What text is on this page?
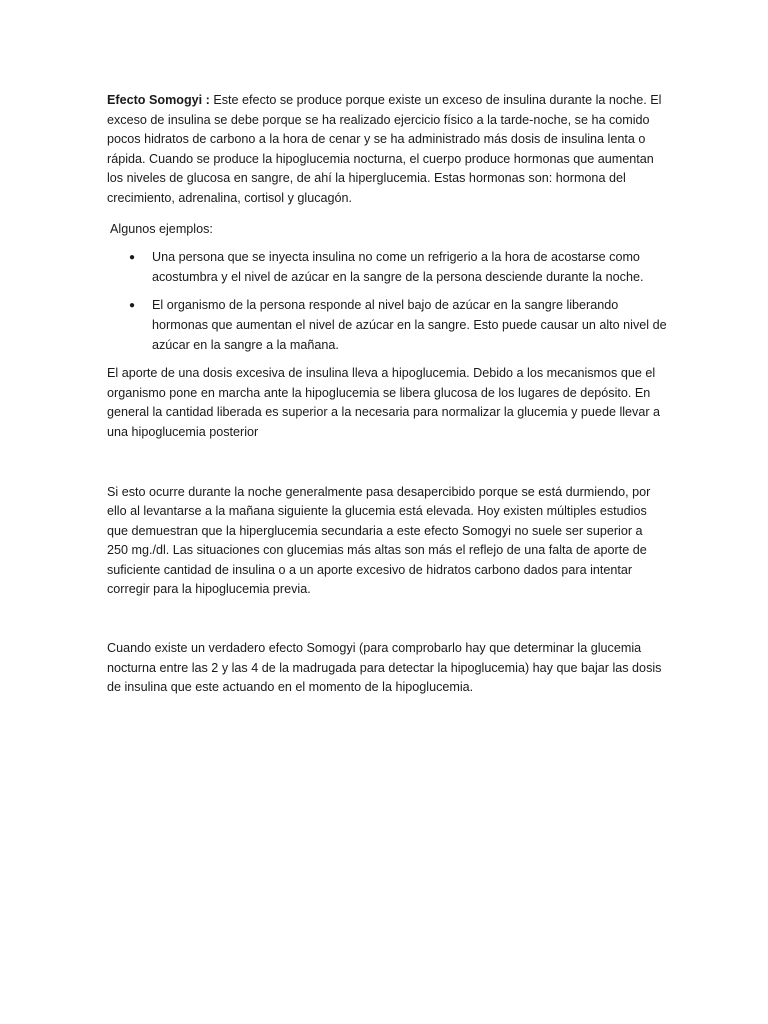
Efecto Somogyi : Este efecto se produce porque existe un exceso de insulina durante la noche. El exceso de insulina se debe porque se ha realizado ejercicio físico a la tarde-noche, se ha comido pocos hidratos de carbono a la hora de cenar y se ha administrado más dosis de insulina lenta o rápida. Cuando se produce la hipoglucemia nocturna, el cuerpo produce hormonas que aumentan los niveles de glucosa en sangre, de ahí la hiperglucemia. Estas hormonas son: hormona del crecimiento, adrenalina, cortisol y glucagón.

Algunos ejemplos:

● Una persona que se inyecta insulina no come un refrigerio a la hora de acostarse como acostumbra y el nivel de azúcar en la sangre de la persona desciende durante la noche.
● El organismo de la persona responde al nivel bajo de azúcar en la sangre liberando hormonas que aumentan el nivel de azúcar en la sangre. Esto puede causar un alto nivel de azúcar en la sangre a la mañana.

El aporte de una dosis excesiva de insulina lleva a hipoglucemia. Debido a los mecanismos que el organismo pone en marcha ante la hipoglucemia se libera glucosa de los lugares de depósito. En general la cantidad liberada es superior a la necesaria para normalizar la glucemia y puede llevar a una hipoglucemia posterior

Si esto ocurre durante la noche generalmente pasa desapercibido porque se está durmiendo, por ello al levantarse a la mañana siguiente la glucemia está elevada. Hoy existen múltiples estudios que demuestran que la hiperglucemia secundaria a este efecto Somogyi no suele ser superior a 250 mg./dl. Las situaciones con glucemias más altas son más el reflejo de una falta de aporte de suficiente cantidad de insulina o a un aporte excesivo de hidratos carbono dados para intentar corregir para la hipoglucemia previa.

Cuando existe un verdadero efecto Somogyi (para comprobarlo hay que determinar la glucemia nocturna entre las 2 y las 4 de la madrugada para detectar la hipoglucemia) hay que bajar las dosis de insulina que este actuando en el momento de la hipoglucemia.
